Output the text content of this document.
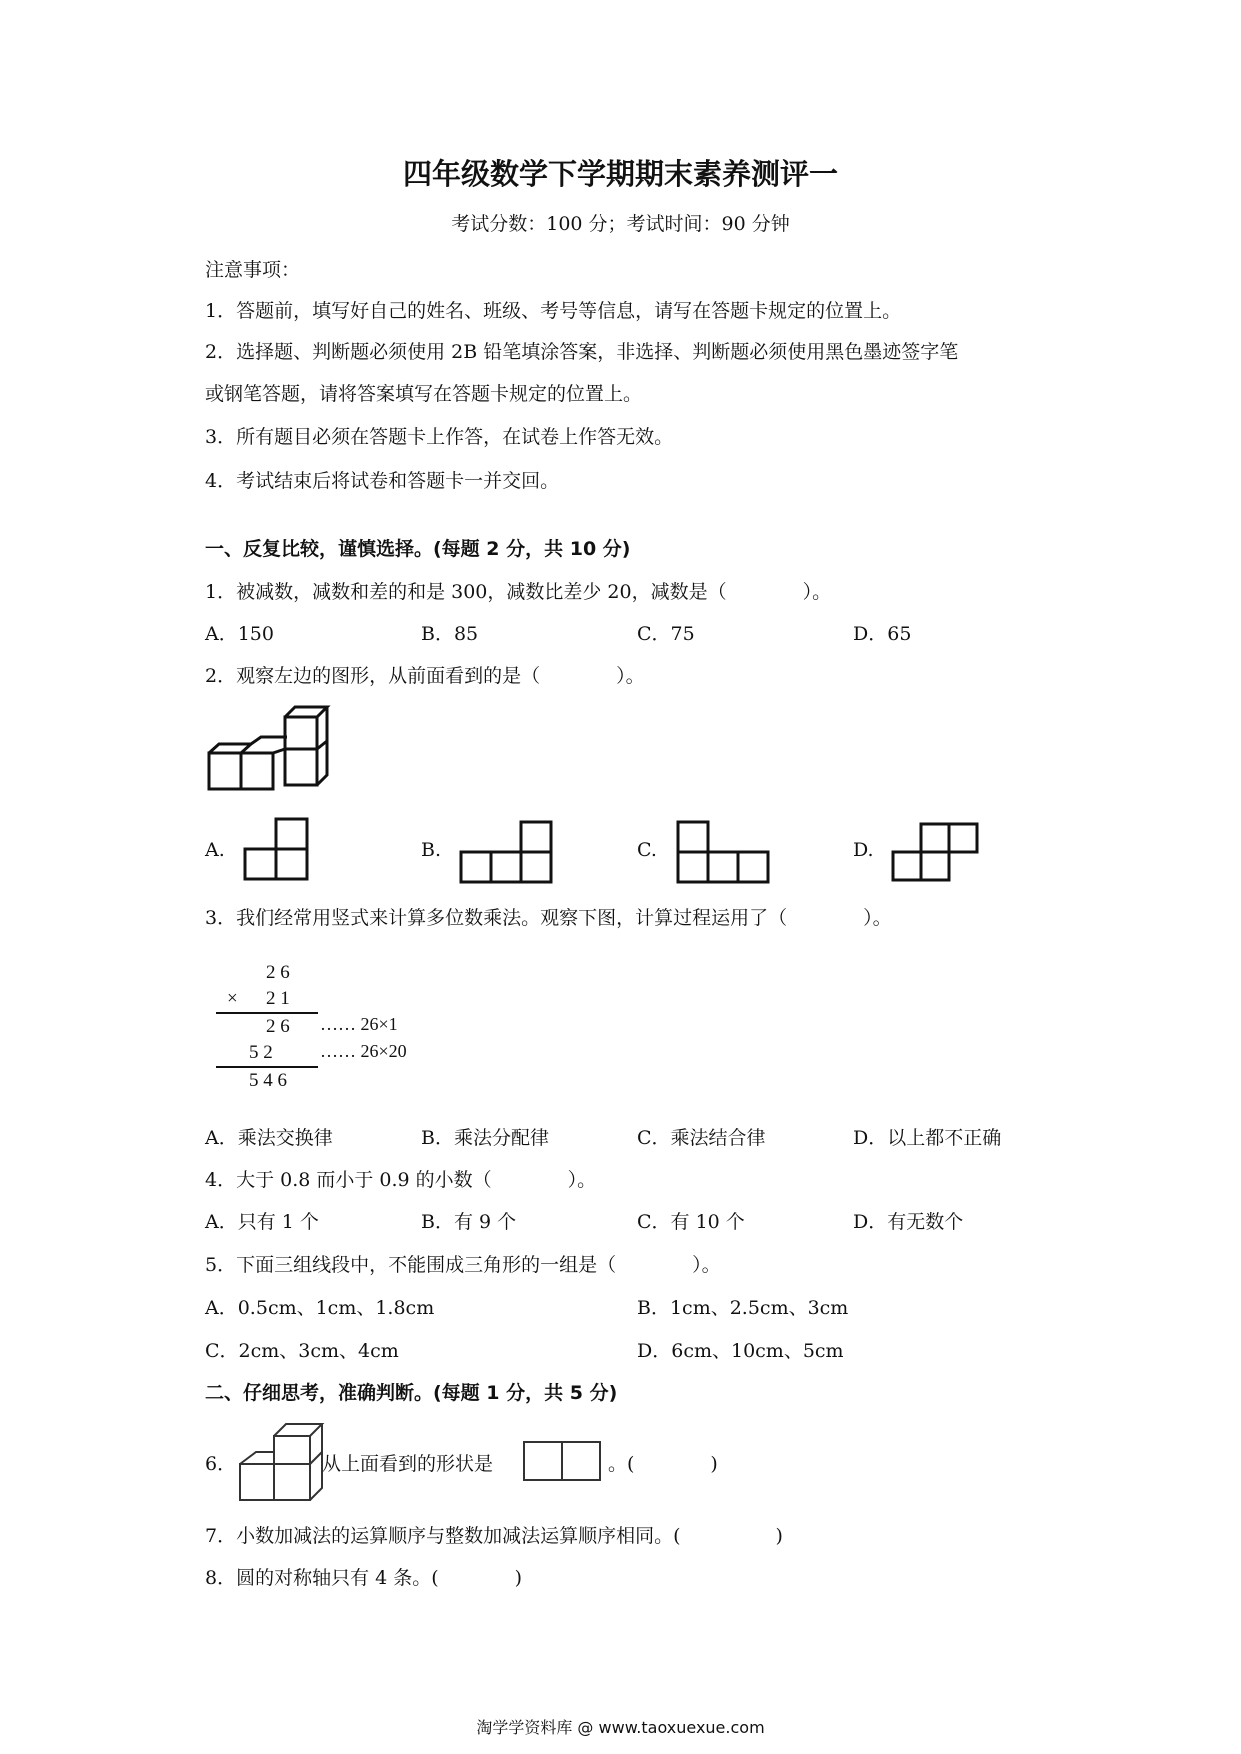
四年级数学下学期期末素养测评一
考试分数：100 分；考试时间：90 分钟
注意事项：
1．答题前，填写好自己的姓名、班级、考号等信息，请写在答题卡规定的位置上。
2．选择题、判断题必须使用 2B 铅笔填涂答案，非选择、判断题必须使用黑色墨迹签字笔
或钢笔答题，请将答案填写在答题卡规定的位置上。
3．所有题目必须在答题卡上作答，在试卷上作答无效。
4．考试结束后将试卷和答题卡一并交回。
一、反复比较，谨慎选择。(每题 2 分，共 10 分)
1．被减数，减数和差的和是 300，减数比差少 20，减数是（　　　　）。
A．150	B．85	C．75	D．65
2．观察左边的图形，从前面看到的是（　　　　）。
A.	B.	C.	D.
3．我们经常用竖式来计算多位数乘法。观察下图，计算过程运用了（　　　　）。
2 6
× 2 1
2 6 …… 26×1
5 2	…… 26×20
5 4 6
A．乘法交换律	B．乘法分配律	C．乘法结合律	D．以上都不正确
4．大于 0.8 而小于 0.9 的小数（　　　　）。
A．只有 1 个	B．有 9 个	C．有 10 个	D．有无数个
5．下面三组线段中，不能围成三角形的一组是（　　　　）。
A．0.5cm、1cm、1.8cm	B．1cm、2.5cm、3cm
C．2cm、3cm、4cm	D．6cm、10cm、5cm
二、仔细思考，准确判断。(每题 1 分，共 5 分)
6．	从上面看到的形状是	。(　　　　)
7．小数加减法的运算顺序与整数加减法运算顺序相同。(　　　　　)
8．圆的对称轴只有 4 条。(　　　　)
淘学学资料库 @ www.taoxuexue.com
